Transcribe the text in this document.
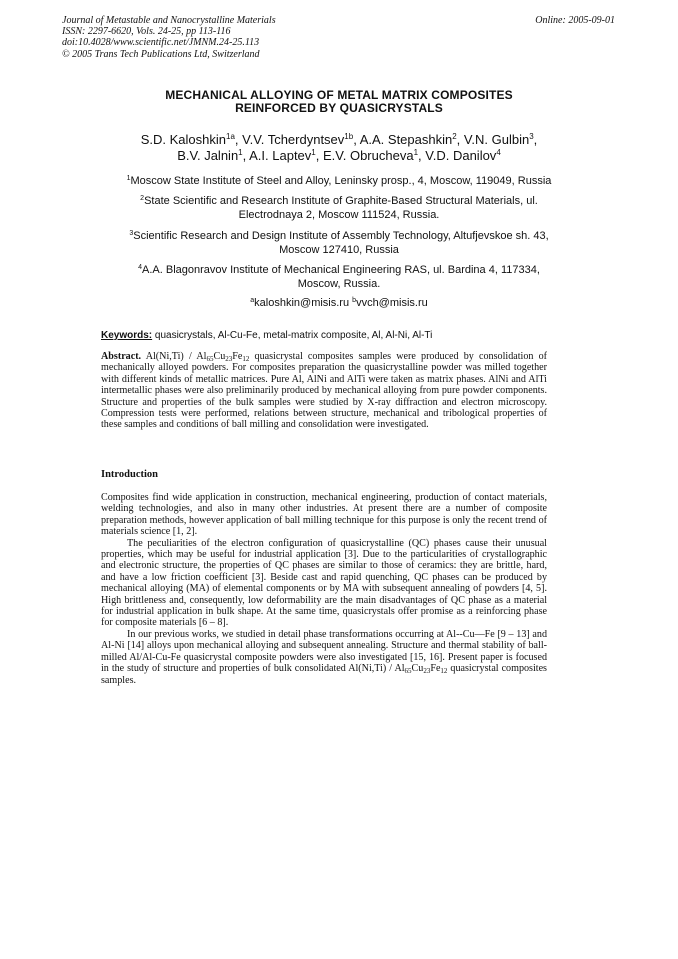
Journal of Metastable and Nanocrystalline Materials
ISSN: 2297-6620, Vols. 24-25, pp 113-116
doi:10.4028/www.scientific.net/JMNM.24-25.113
© 2005 Trans Tech Publications Ltd, Switzerland
Online: 2005-09-01
MECHANICAL ALLOYING OF METAL MATRIX COMPOSITES
REINFORCED BY QUASICRYSTALS
S.D. Kaloshkin$^{1a}$, V.V. Tcherdyntsev$^{1b}$, A.A. Stepashkin$^2$, V.N. Gulbin$^3$,
B.V. Jalnin$^1$, A.I. Laptev$^1$, E.V. Obrucheva$^1$, V.D. Danilov$^4$
$^1$Moscow State Institute of Steel and Alloy, Leninsky prosp., 4, Moscow, 119049, Russia
$^2$State Scientific and Research Institute of Graphite-Based Structural Materials, ul.
Electrodnaya 2, Moscow 111524, Russia.
$^3$Scientific Research and Design Institute of Assembly Technology, Altufjevskoe sh. 43,
Moscow 127410, Russia
$^4$A.A. Blagonravov Institute of Mechanical Engineering RAS, ul. Bardina 4, 117334,
Moscow, Russia.
$^a$kaloshkin@misis.ru $^b$vvch@misis.ru
Keywords: quasicrystals, Al-Cu-Fe, metal-matrix composite, Al, Al-Ni, Al-Ti

Abstract. $Al(Ni,Ti) / Al_{65}Cu_{23}Fe_{12}$ quasicrystal composites samples were produced by consolidation of mechanically alloyed powders. For composites preparation the quasicrystalline powder was milled together with different kinds of metallic matrices. Pure Al, AlNi and AlTi were taken as matrix phases. AlNi and AlTi intermetallic phases were also preliminarily produced by mechanical alloying from pure powder components. Structure and properties of the bulk samples were studied by X-ray diffraction and electron microscopy. Compression tests were performed, relations between structure, mechanical and tribological properties of these samples and conditions of ball milling and consolidation were investigated.

Introduction

Composites find wide application in construction, mechanical engineering, production of contact materials, welding technologies, and also in many other industries. At present there are a number of composite preparation methods, however application of ball milling technique for this purpose is only the recent trend of materials science [1, 2].

The peculiarities of the electron configuration of quasicrystalline (QC) phases cause their unusual properties, which may be useful for industrial application [3]. Due to the particularities of crystallographic and electronic structure, the properties of QC phases are similar to those of ceramics: they are brittle, hard, and have a low friction coefficient [3]. Beside cast and rapid quenching, QC phases can be produced by mechanical alloying (MA) of elemental components or by MA with subsequent annealing of powders [4, 5]. High brittleness and, consequently, low deformability are the main disadvantages of QC phase as a material for industrial application in bulk shape. At the same time, quasicrystals offer promise as a reinforcing phase for composite materials [6 – 8].

In our previous works, we studied in detail phase transformations occurring at Al--Cu—Fe [9 – 13] and Al-Ni [14] alloys upon mechanical alloying and subsequent annealing. Structure and thermal stability of ball-milled Al/Al-Cu-Fe quasicrystal composite powders were also investigated [15, 16]. Present paper is focused in the study of structure and properties of bulk consolidated $Al(Ni,Ti) / Al_{65}Cu_{23}Fe_{12}$ quasicrystal composites samples.
